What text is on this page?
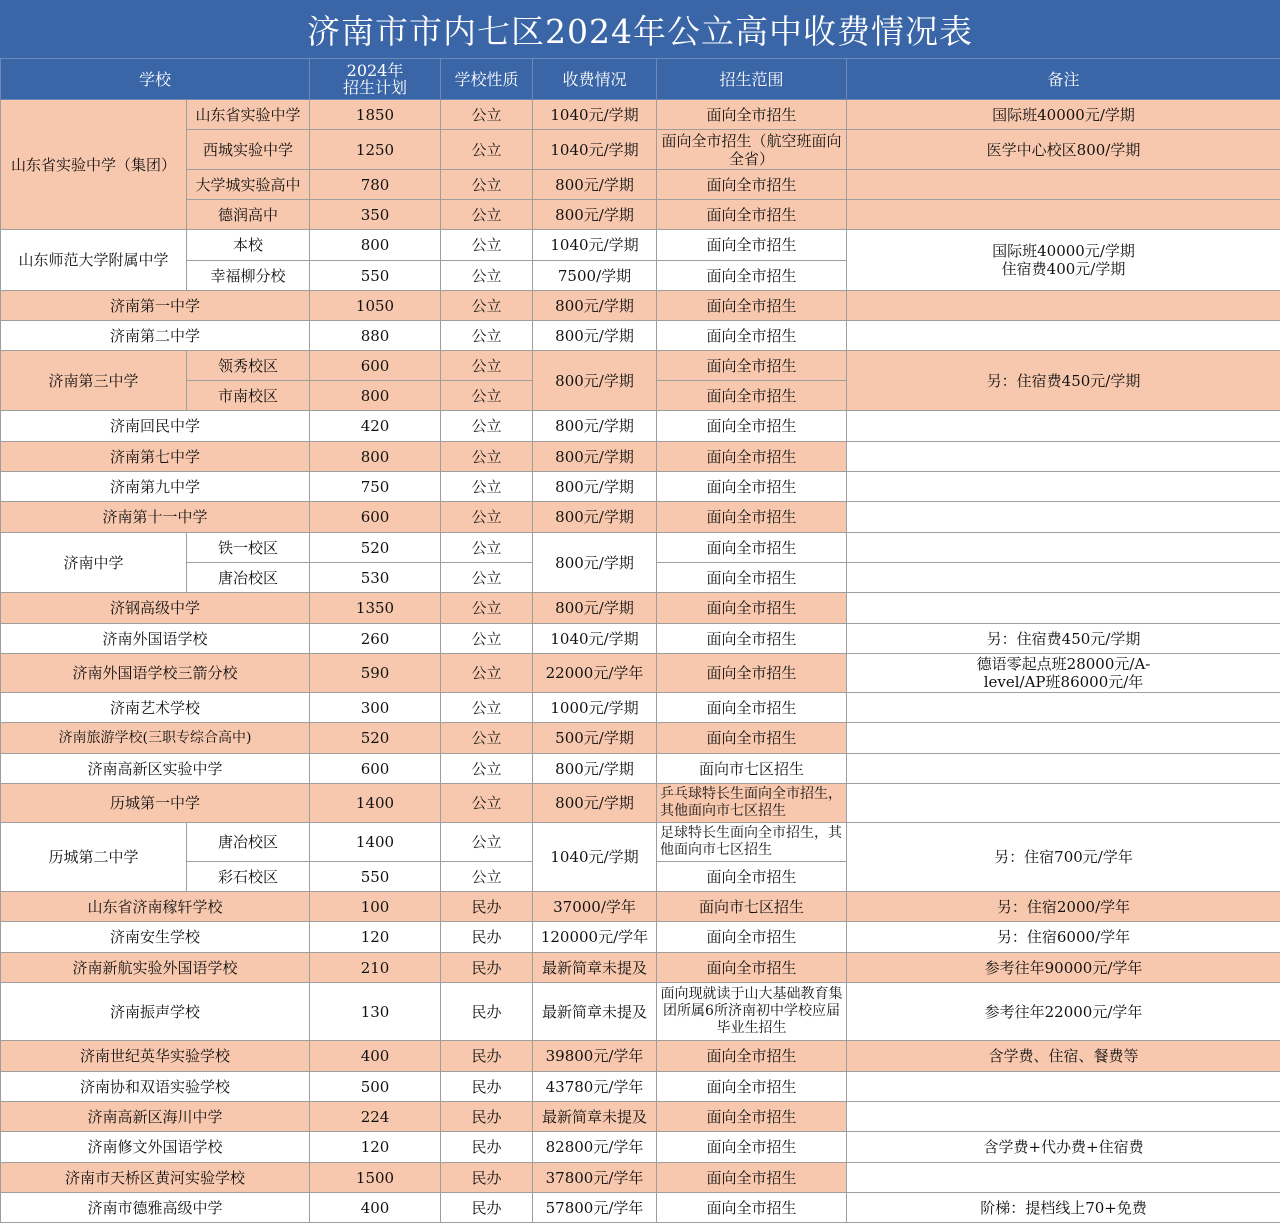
济南市市内七区2024年公立高中收费情况表
学校		2024年
招生计划	学校性质	收费情况	招生范围	备注
山东省实验中学（集团）	山东省实验中学	1850	公立	1040元/学期	面向全市招生	国际班40000元/学期
	西城实验中学	1250	公立	1040元/学期	面向全市招生（航空班面向全省）	医学中心校区800/学期
	大学城实验高中	780	公立	800元/学期	面向全市招生	
	德润高中	350	公立	800元/学期	面向全市招生	
山东师范大学附属中学	本校	800	公立	1040元/学期	面向全市招生	国际班40000元/学期
住宿费400元/学期
	幸福柳分校	550	公立	7500/学期	面向全市招生	
济南第一中学		1050	公立	800元/学期	面向全市招生	
济南第二中学		880	公立	800元/学期	面向全市招生	
济南第三中学	领秀校区	600	公立	800元/学期	面向全市招生	另：住宿费450元/学期
	市南校区	800	公立		面向全市招生	
济南回民中学		420	公立	800元/学期	面向全市招生	
济南第七中学		800	公立	800元/学期	面向全市招生	
济南第九中学		750	公立	800元/学期	面向全市招生	
济南第十一中学		600	公立	800元/学期	面向全市招生	
济南中学	铁一校区	520	公立	800元/学期	面向全市招生	
	唐冶校区	530	公立		面向全市招生	
济钢高级中学		1350	公立	800元/学期	面向全市招生	
济南外国语学校		260	公立	1040元/学期	面向全市招生	另：住宿费450元/学期
济南外国语学校三箭分校		590	公立	22000元/学年	面向全市招生	德语零起点班28000元/A-level/AP班86000元/年
济南艺术学校		300	公立	1000元/学期	面向全市招生	
济南旅游学校(三职专综合高中)		520	公立	500元/学期	面向全市招生	
济南高新区实验中学		600	公立	800元/学期	面向市七区招生	
历城第一中学		1400	公立	800元/学期	乒乓球特长生面向全市招生，其他面向市七区招生	
历城第二中学	唐冶校区	1400	公立	1040元/学期	足球特长生面向全市招生，其他面向市七区招生	另：住宿700元/学年
	彩石校区	550	公立		面向全市招生	
山东省济南稼轩学校		100	民办	37000/学年	面向市七区招生	另：住宿2000/学年
济南安生学校		120	民办	120000元/学年	面向全市招生	另：住宿6000/学年
济南新航实验外国语学校		210	民办	最新简章未提及	面向全市招生	参考往年90000元/学年
济南振声学校		130	民办	最新简章未提及	面向现就读于山大基础教育集团所属6所济南初中学校应届毕业生招生	参考往年22000元/学年
济南世纪英华实验学校		400	民办	39800元/学年	面向全市招生	含学费、住宿、餐费等
济南协和双语实验学校		500	民办	43780元/学年	面向全市招生	
济南高新区海川中学		224	民办	最新简章未提及	面向全市招生	
济南修文外国语学校		120	民办	82800元/学年	面向全市招生	含学费+代办费+住宿费
济南市天桥区黄河实验学校		1500	民办	37800元/学年	面向全市招生	
济南市德雅高级中学		400	民办	57800元/学年	面向全市招生	阶梯：提档线上70+免费
